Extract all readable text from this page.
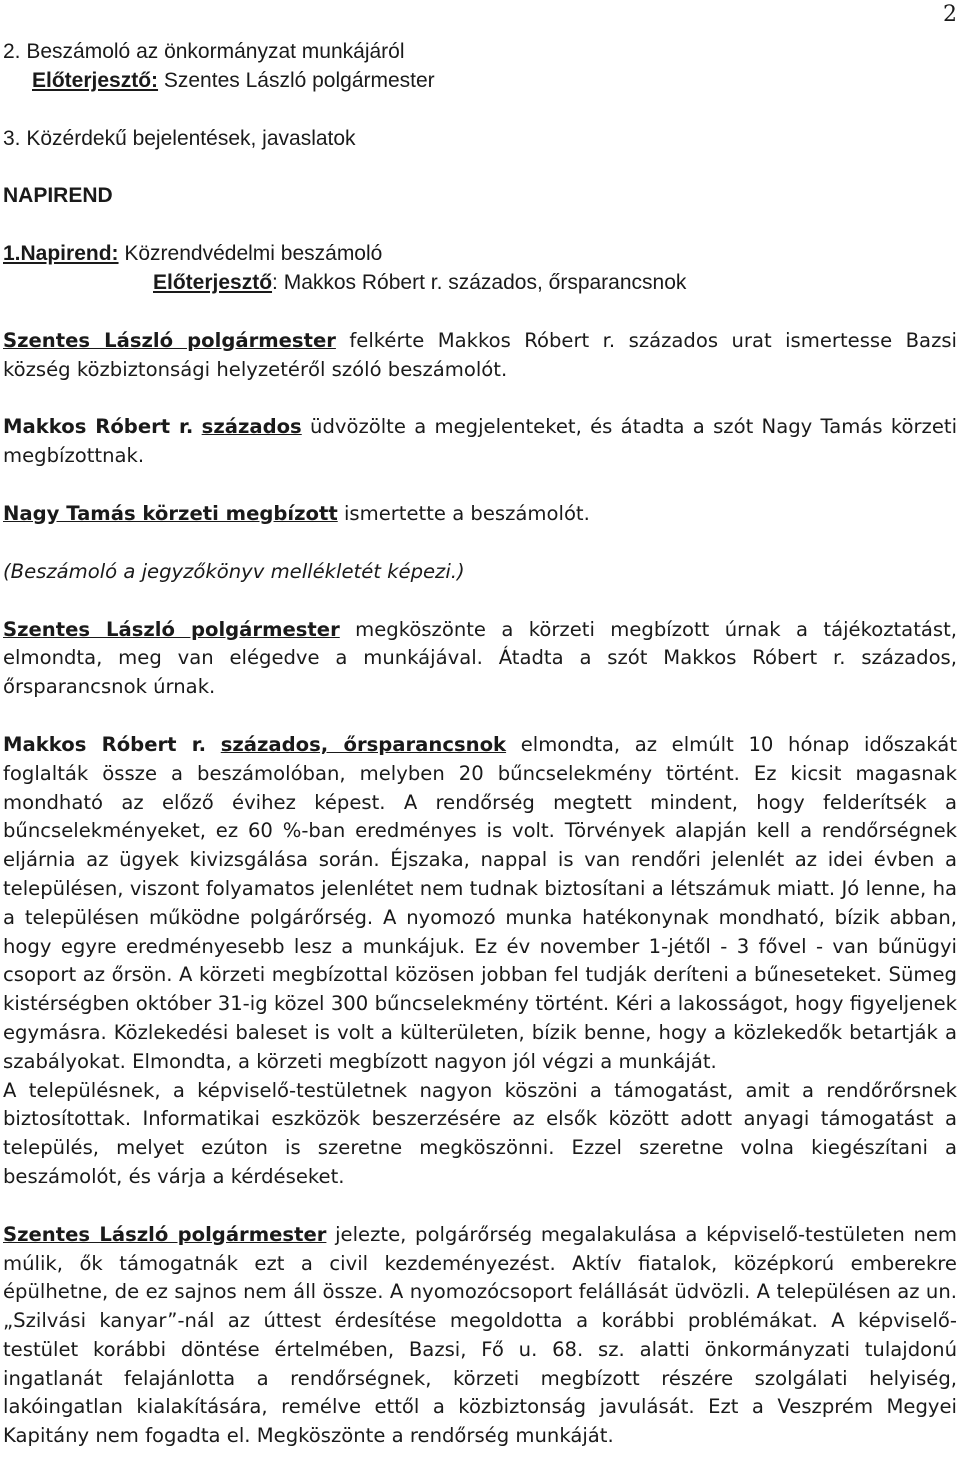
2

2. Beszámoló az önkormányzat munkájáról

Előterjesztő: Szentes László polgármester

3. Közérdekű bejelentések, javaslatok

NAPIREND

1.Napirend: Közrendvédelmi beszámoló

Előterjesztő: Makkos Róbert r. százados, őrsparancsnok

Szentes László polgármester felkérte Makkos Róbert r. százados urat ismertesse Bazsi község közbiztonsági helyzetéről szóló beszámolót.

Makkos Róbert r. százados üdvözölte a megjelenteket, és átadta a szót Nagy Tamás körzeti megbízottnak.

Nagy Tamás körzeti megbízott ismertette a beszámolót.

(Beszámoló a jegyzőkönyv mellékletét képezi.)

Szentes László polgármester megköszönte a körzeti megbízott úrnak a tájékoztatást, elmondta, meg van elégedve a munkájával. Átadta a szót Makkos Róbert r. százados, őrsparancsnok úrnak.

Makkos Róbert r. százados, őrsparancsnok elmondta, az elmúlt 10 hónap időszakát foglalták össze a beszámolóban, melyben 20 bűncselekmény történt. Ez kicsit magasnak mondható az előző évihez képest. A rendőrség megtett mindent, hogy felderítsék a bűncselekményeket, ez 60 %-ban eredményes is volt. Törvények alapján kell a rendőrségnek eljárnia az ügyek kivizsgálása során. Éjszaka, nappal is van rendőri jelenlét az idei évben a településen, viszont folyamatos jelenlétet nem tudnak biztosítani a létszámuk miatt. Jó lenne, ha a településen működne polgárőrség. A nyomozó munka hatékonynak mondható, bízik abban, hogy egyre eredményesebb lesz a munkájuk. Ez év november 1-jétől - 3 fővel - van bűnügyi csoport az őrsön. A körzeti megbízottal közösen jobban fel tudják deríteni a bűneseteket. Sümeg kistérségben október 31-ig közel 300 bűncselekmény történt. Kéri a lakosságot, hogy figyeljenek egymásra. Közlekedési baleset is volt a külterületen, bízik benne, hogy a közlekedők betartják a szabályokat. Elmondta, a körzeti megbízott nagyon jól végzi a munkáját.

A településnek, a képviselő-testületnek nagyon köszöni a támogatást, amit a rendőrőrsnek biztosítottak. Informatikai eszközök beszerzésére az elsők között adott anyagi támogatást a település, melyet ezúton is szeretne megköszönni. Ezzel szeretne volna kiegészítani a beszámolót, és várja a kérdéseket.

Szentes László polgármester jelezte, polgárőrség megalakulása a képviselő-testületen nem múlik, ők támogatnák ezt a civil kezdeményezést. Aktív fiatalok, középkorú emberekre épülhetne, de ez sajnos nem áll össze. A nyomozócsoport felállását üdvözli. A településen az un. „Szilvási kanyar”-nál az úttest érdesítése megoldotta a korábbi problémákat. A képviselő-testület korábbi döntése értelmében, Bazsi, Fő u. 68. sz. alatti önkormányzati tulajdonú ingatlanát felajánlotta a rendőrségnek, körzeti megbízott részére szolgálati helyiség, lakóingatlan kialakítására, remélve ettől a közbiztonság javulását. Ezt a Veszprém Megyei Kapitány nem fogadta el. Megköszönte a rendőrség munkáját.
